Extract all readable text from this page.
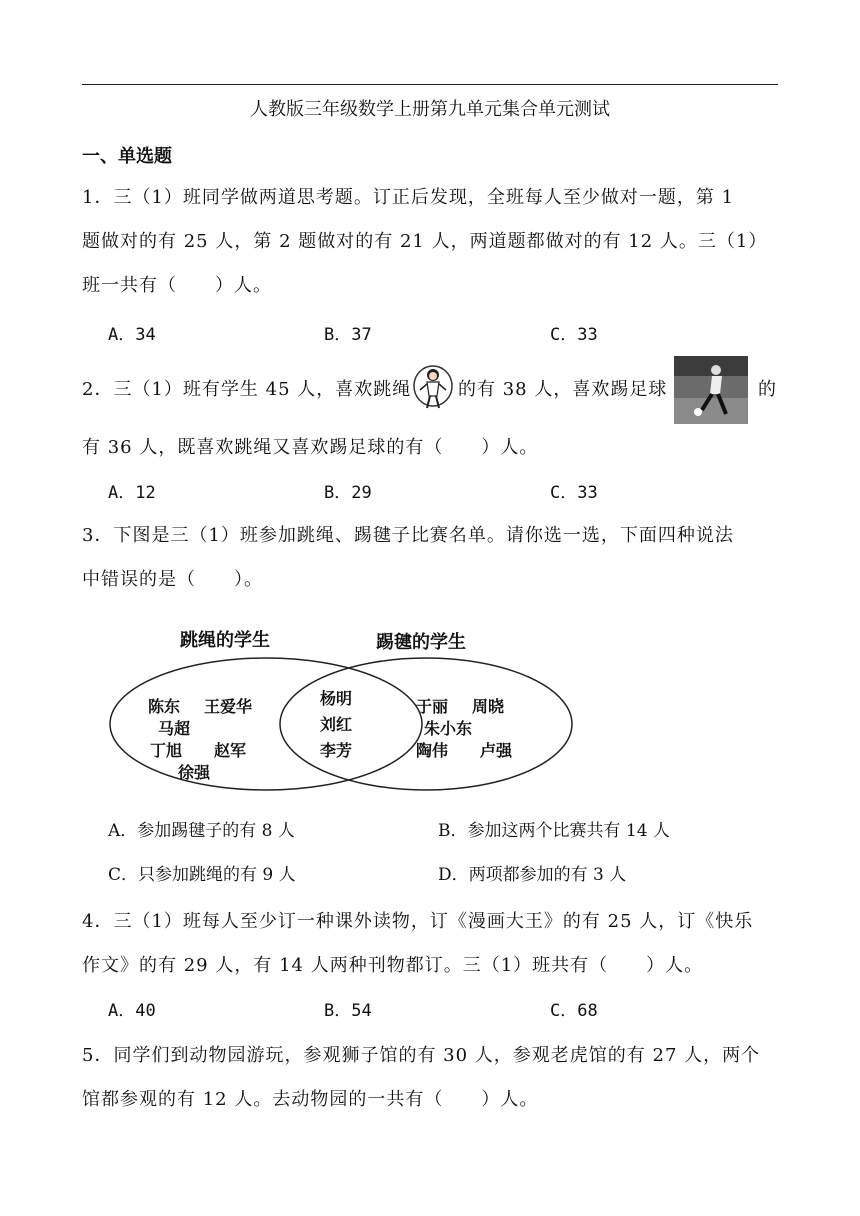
人教版三年级数学上册第九单元集合单元测试
一、单选题

1．三（1）班同学做两道思考题。订正后发现，全班每人至少做对一题，第 1

题做对的有 25 人，第 2 题做对的有 21 人，两道题都做对的有 12 人。三（1）

班一共有（　　）人。

A．34	B．37	C．33
2．三（1）班有学生 45 人，喜欢跳绳	的有 38 人，喜欢踢足球	的

有 36 人，既喜欢跳绳又喜欢踢足球的有（　　）人。

A．12	B．29	C．33

3．下图是三（1）班参加跳绳、踢毽子比赛名单。请你选一选，下面四种说法

中错误的是（　　）。

跳绳的学生	踢毽的学生
陈东 王爱华
马超
丁旭 赵军
徐强
杨明
刘红
李芳
于丽 周晓
朱小东
陶伟 卢强
A．参加踢毽子的有 8 人	B．参加这两个比赛共有 14 人
C．只参加跳绳的有 9 人	D．两项都参加的有 3 人

4．三（1）班每人至少订一种课外读物，订《漫画大王》的有 25 人，订《快乐

作文》的有 29 人，有 14 人两种刊物都订。三（1）班共有（　　）人。

A．40	B．54	C．68

5．同学们到动物园游玩，参观狮子馆的有 30 人，参观老虎馆的有 27 人，两个

馆都参观的有 12 人。去动物园的一共有（　　）人。
